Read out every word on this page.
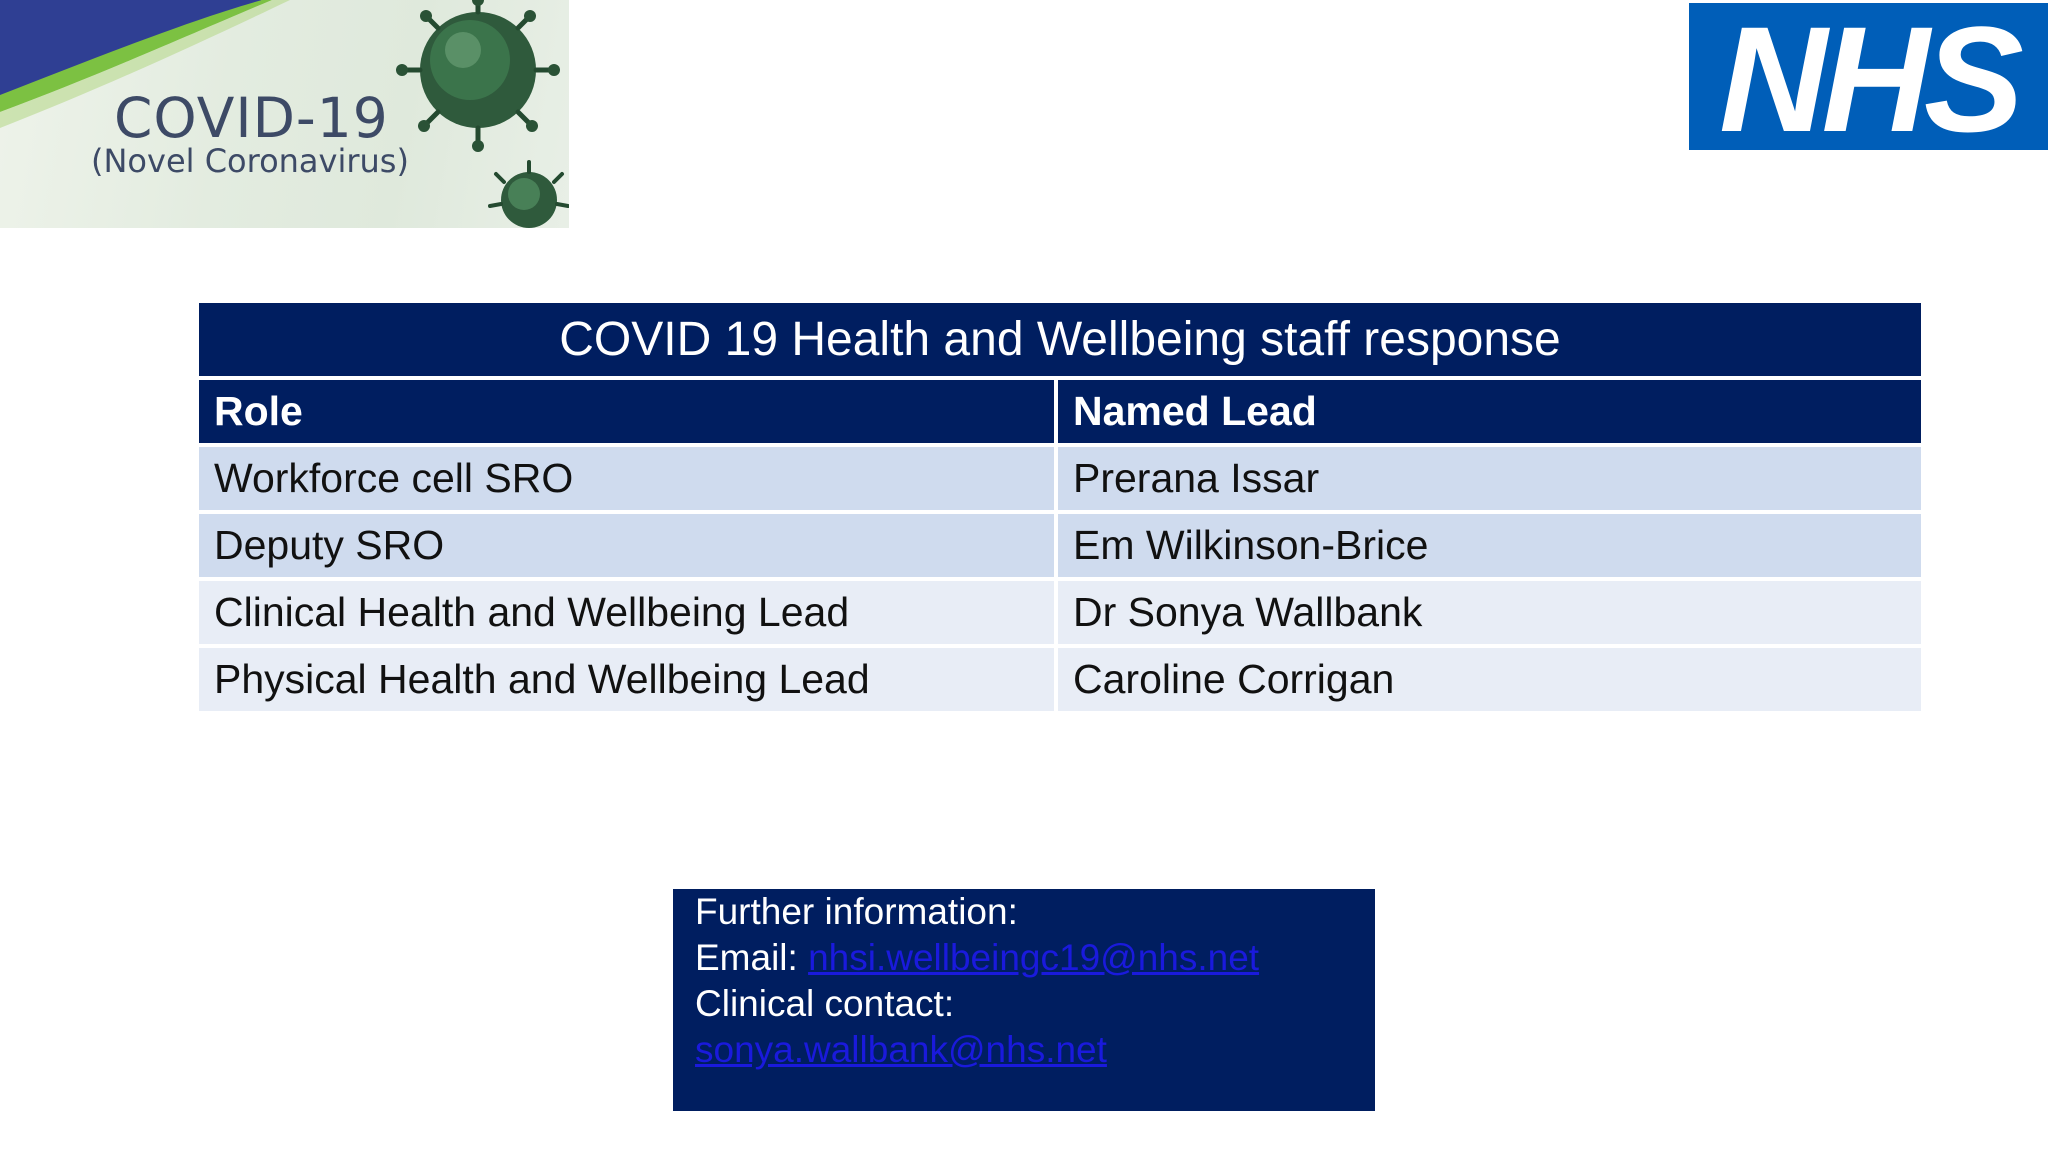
COVID-19
(Novel Coronavirus)	NHS
COVID 19 Health and Wellbeing staff response
Role	Named Lead
Workforce cell SRO	Prerana Issar
Deputy SRO	Em Wilkinson-Brice
Clinical Health and Wellbeing Lead	Dr Sonya Wallbank
Physical Health and Wellbeing Lead	Caroline Corrigan
Further information:
Email: nhsi.wellbeingc19@nhs.net
Clinical contact:
sonya.wallbank@nhs.net
